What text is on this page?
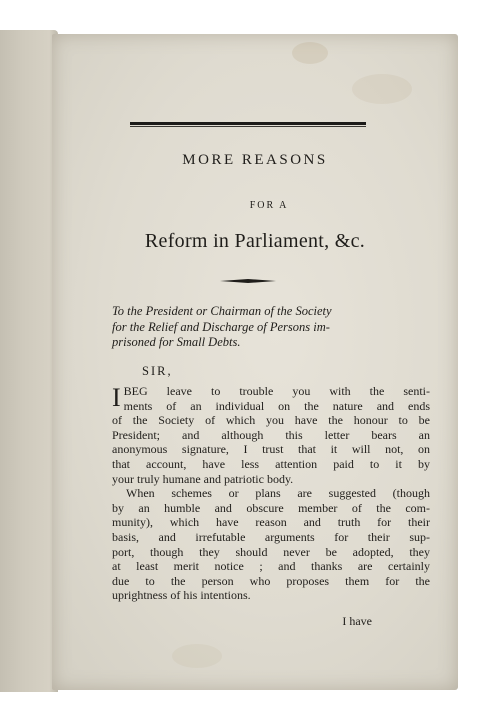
MORE REASONS
FOR A
Reform in Parliament, &c.
To the President or Chairman of the Society
for the Relief and Discharge of Persons im-
prisoned for Small Debts.
SIR,
I BEG leave to trouble you with the senti-
ments of an individual on the nature and ends
of the Society of which you have the honour to be
President; and although this letter bears an
anonymous signature, I trust that it will not, on
that account, have less attention paid to it by
your truly humane and patriotic body.
When schemes or plans are suggested (though
by an humble and obscure member of the com-
munity), which have reason and truth for their
basis, and irrefutable arguments for their sup-
port, though they should never be adopted, they
at least merit notice ; and thanks are certainly
due to the person who proposes them for the
uprightness of his intentions.
I have
